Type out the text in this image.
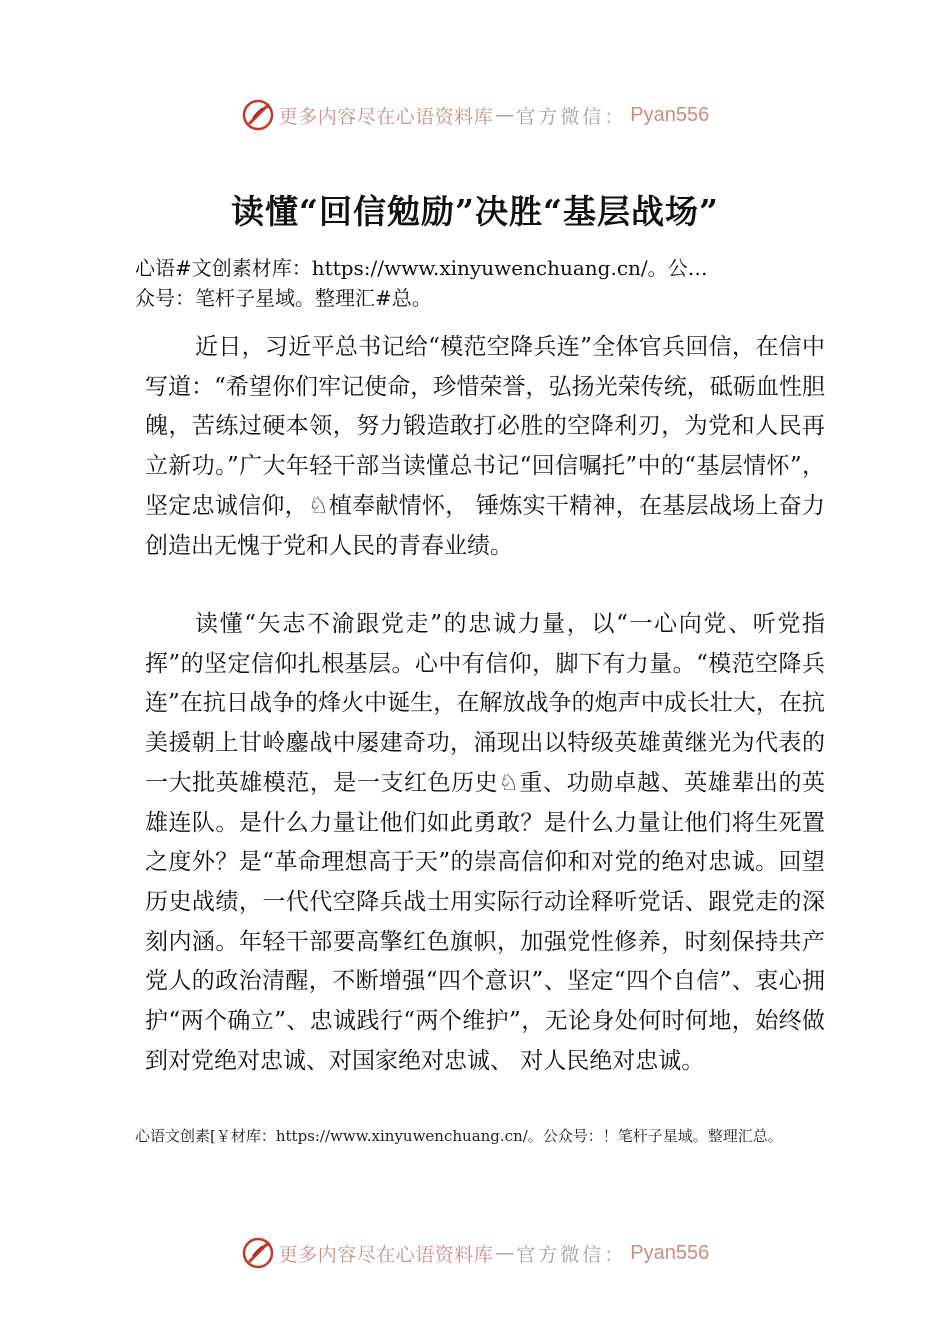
更多内容尽在心语资料库 — 官方微信： Pyan556
读懂“回信勉励”决胜“基层战场”
心语#文创素材库：https://www.xinyuwenchuang.cn/。公…
众号：笔杆子星域。整理汇#总。

近日，习近平总书记给“模范空降兵连”全体官兵回信，在信中写道：“希望你们牢记使命，珍惜荣誉，弘扬光荣传统，砥砺血性胆魄，苦练过硬本领，努力锻造敢打必胜的空降利刃，为党和人民再立新功。”广大年轻干部当读懂总书记“回信嘱托”中的“基层情怀”，坚定忠诚信仰，♘植奉献情怀， 锤炼实干精神，在基层战场上奋力创造出无愧于党和人民的青春业绩。

读懂“矢志不渝跟党走”的忠诚力量，以“一心向党、听党指挥”的坚定信仰扎根基层。心中有信仰，脚下有力量。“模范空降兵连”在抗日战争的烽火中诞生，在解放战争的炮声中成长壮大，在抗美援朝上甘岭鏖战中屡建奇功，涌现出以特级英雄黄继光为代表的一大批英雄模范，是一支红色历史♘重、功勋卓越、英雄辈出的英雄连队。是什么力量让他们如此勇敢？是什么力量让他们将生死置之度外？是“革命理想高于天”的崇高信仰和对党的绝对忠诚。回望历史战绩，一代代空降兵战士用实际行动诠释听党话、跟党走的深刻内涵。年轻干部要高擎红色旗帜，加强党性修养，时刻保持共产党人的政治清醒，不断增强“四个意识”、坚定“四个自信”、衷心拥护“两个确立”、忠诚践行“两个维护”，无论身处何时何地，始终做到对党绝对忠诚、对国家绝对忠诚、 对人民绝对忠诚。

心语文创素[￥材库：https://www.xinyuwenchuang.cn/。公众号：！笔杆子星域。整理汇总。
更多内容尽在心语资料库 — 官方微信： Pyan556
